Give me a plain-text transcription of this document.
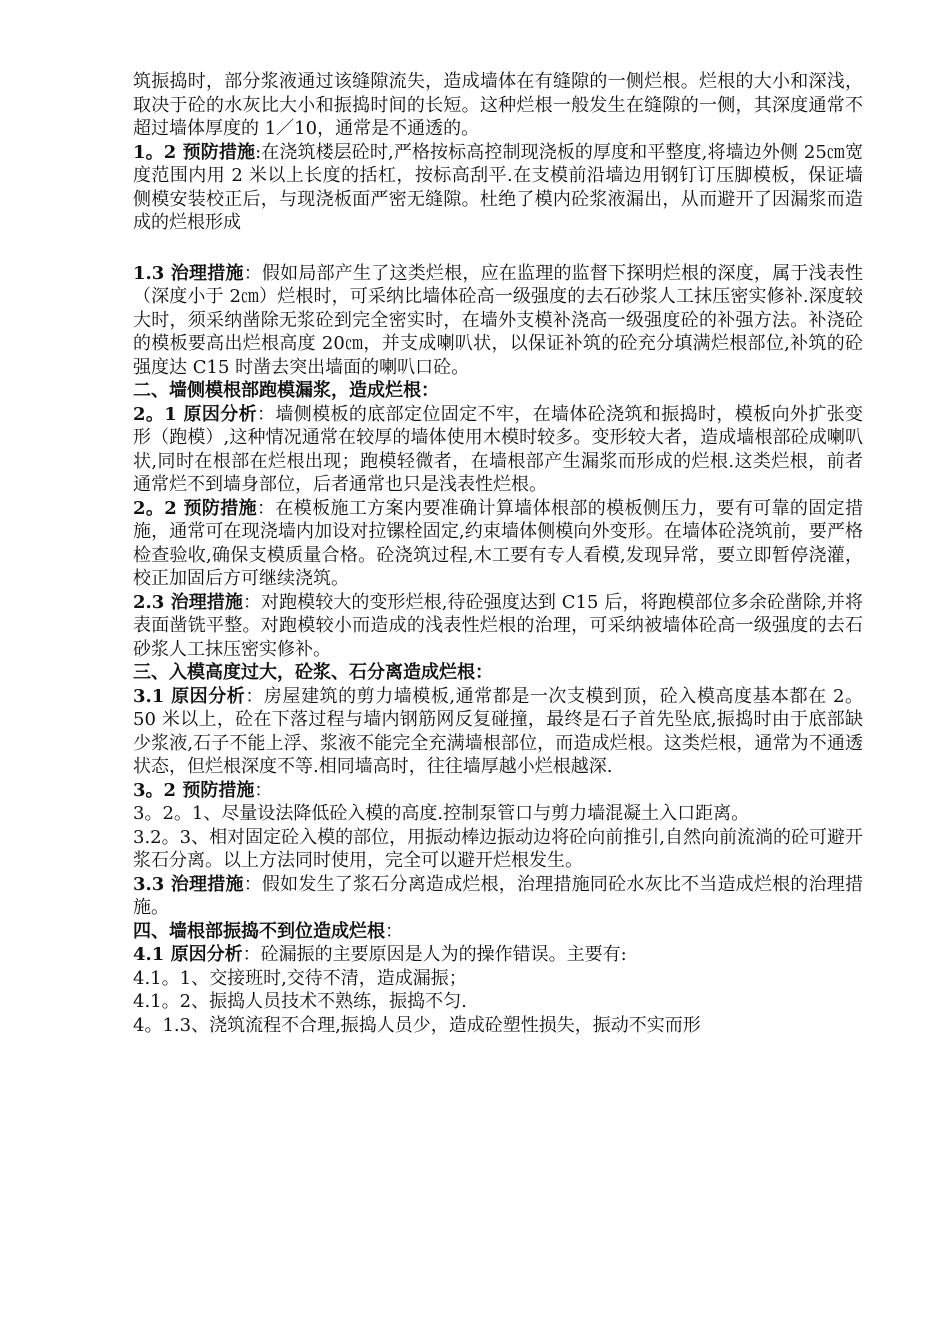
筑振捣时，部分浆液通过该缝隙流失，造成墙体在有缝隙的一侧烂根。烂根的大小和深浅，取决于砼的水灰比大小和振捣时间的长短。这种烂根一般发生在缝隙的一侧，其深度通常不超过墙体厚度的 1／10，通常是不通透的。

1。2 预防措施:在浇筑楼层砼时,严格按标高控制现浇板的厚度和平整度,将墙边外侧 25㎝宽度范围内用 2 米以上长度的括杠，按标高刮平.在支模前沿墙边用钢钉订压脚模板，保证墙侧模安装校正后，与现浇板面严密无缝隙。杜绝了模内砼浆液漏出，从而避开了因漏浆而造成的烂根形成

1.3 治理措施：假如局部产生了这类烂根，应在监理的监督下探明烂根的深度，属于浅表性（深度小于 2㎝）烂根时，可采纳比墙体砼高一级强度的去石砂浆人工抹压密实修补.深度较大时，须采纳凿除无浆砼到完全密实时，在墙外支模补浇高一级强度砼的补强方法。补浇砼的模板要高出烂根高度 20㎝，并支成喇叭状，以保证补筑的砼充分填满烂根部位,补筑的砼强度达 C15 时凿去突出墙面的喇叭口砼。

二、墙侧模根部跑模漏浆，造成烂根：

2。1 原因分析：墙侧模板的底部定位固定不牢，在墙体砼浇筑和振捣时，模板向外扩张变形（跑模）,这种情况通常在较厚的墙体使用木模时较多。变形较大者，造成墙根部砼成喇叭状,同时在根部在烂根出现；跑模轻微者，在墙根部产生漏浆而形成的烂根.这类烂根，前者通常烂不到墙身部位，后者通常也只是浅表性烂根。

2。2 预防措施：在模板施工方案内要准确计算墙体根部的模板侧压力，要有可靠的固定措施，通常可在现浇墙内加设对拉镙栓固定,约束墙体侧模向外变形。在墙体砼浇筑前，要严格检查验收,确保支模质量合格。砼浇筑过程,木工要有专人看模,发现异常，要立即暂停浇灌，校正加固后方可继续浇筑。

2.3 治理措施：对跑模较大的变形烂根,待砼强度达到 C15 后，将跑模部位多余砼凿除,并将表面凿铣平整。对跑模较小而造成的浅表性烂根的治理，可采纳被墙体砼高一级强度的去石砂浆人工抹压密实修补。

三、入模高度过大，砼浆、石分离造成烂根：

3.1 原因分析：房屋建筑的剪力墙模板,通常都是一次支模到顶，砼入模高度基本都在 2。50 米以上，砼在下落过程与墙内钢筋网反复碰撞，最终是石子首先坠底,振捣时由于底部缺少浆液,石子不能上浮、浆液不能完全充满墙根部位，而造成烂根。这类烂根，通常为不通透状态，但烂根深度不等.相同墙高时，往往墙厚越小烂根越深.

3。2 预防措施：

3。2。1、尽量设法降低砼入模的高度.控制泵管口与剪力墙混凝土入口距离。

3.2。3、相对固定砼入模的部位，用振动棒边振动边将砼向前推引,自然向前流淌的砼可避开浆石分离。以上方法同时使用，完全可以避开烂根发生。

3.3 治理措施：假如发生了浆石分离造成烂根，治理措施同砼水灰比不当造成烂根的治理措施。

四、墙根部振捣不到位造成烂根：

4.1 原因分析：砼漏振的主要原因是人为的操作错误。主要有:

4.1。1、交接班时,交待不清，造成漏振；

4.1。2、振捣人员技术不熟练，振捣不匀.

4。1.3、浇筑流程不合理,振捣人员少，造成砼塑性损失，振动不实而形
